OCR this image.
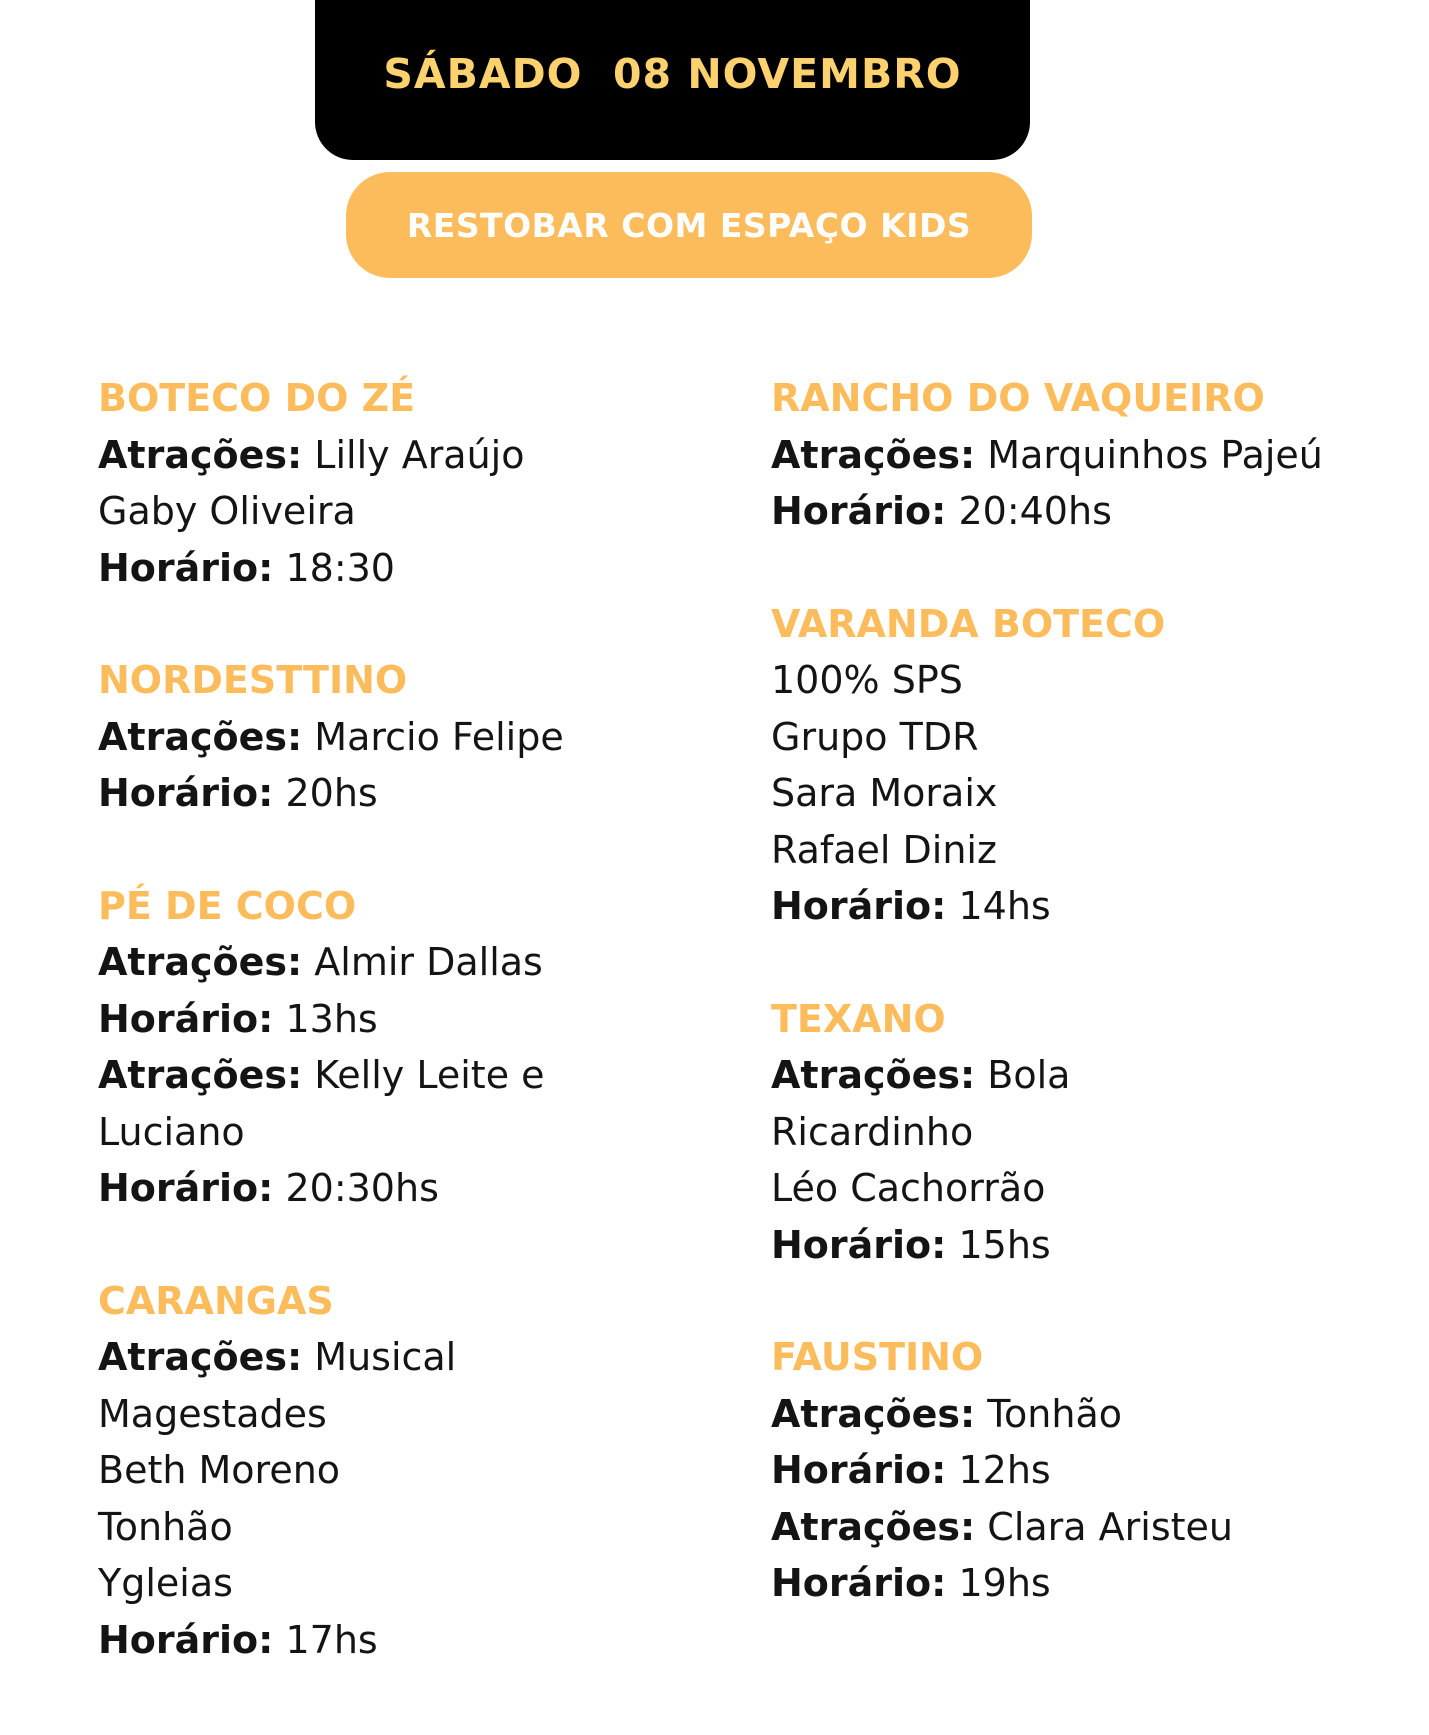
SÁBADO  08 NOVEMBRO
RESTOBAR COM ESPAÇO KIDS
BOTECO DO ZÉ
Atrações: Lilly Araújo
Gaby Oliveira
Horário: 18:30
NORDESTTINO
Atrações: Marcio Felipe
Horário: 20hs
PÉ DE COCO
Atrações: Almir Dallas
Horário: 13hs
Atrações: Kelly Leite e
Luciano
Horário: 20:30hs
CARANGAS
Atrações: Musical
Magestades
Beth Moreno
Tonhão
Ygleias
Horário: 17hs
RANCHO DO VAQUEIRO
Atrações: Marquinhos Pajeú
Horário: 20:40hs
VARANDA BOTECO
100% SPS
Grupo TDR
Sara Moraix
Rafael Diniz
Horário: 14hs
TEXANO
Atrações: Bola
Ricardinho
Léo Cachorrão
Horário: 15hs
FAUSTINO
Atrações: Tonhão
Horário: 12hs
Atrações: Clara Aristeu
Horário: 19hs
